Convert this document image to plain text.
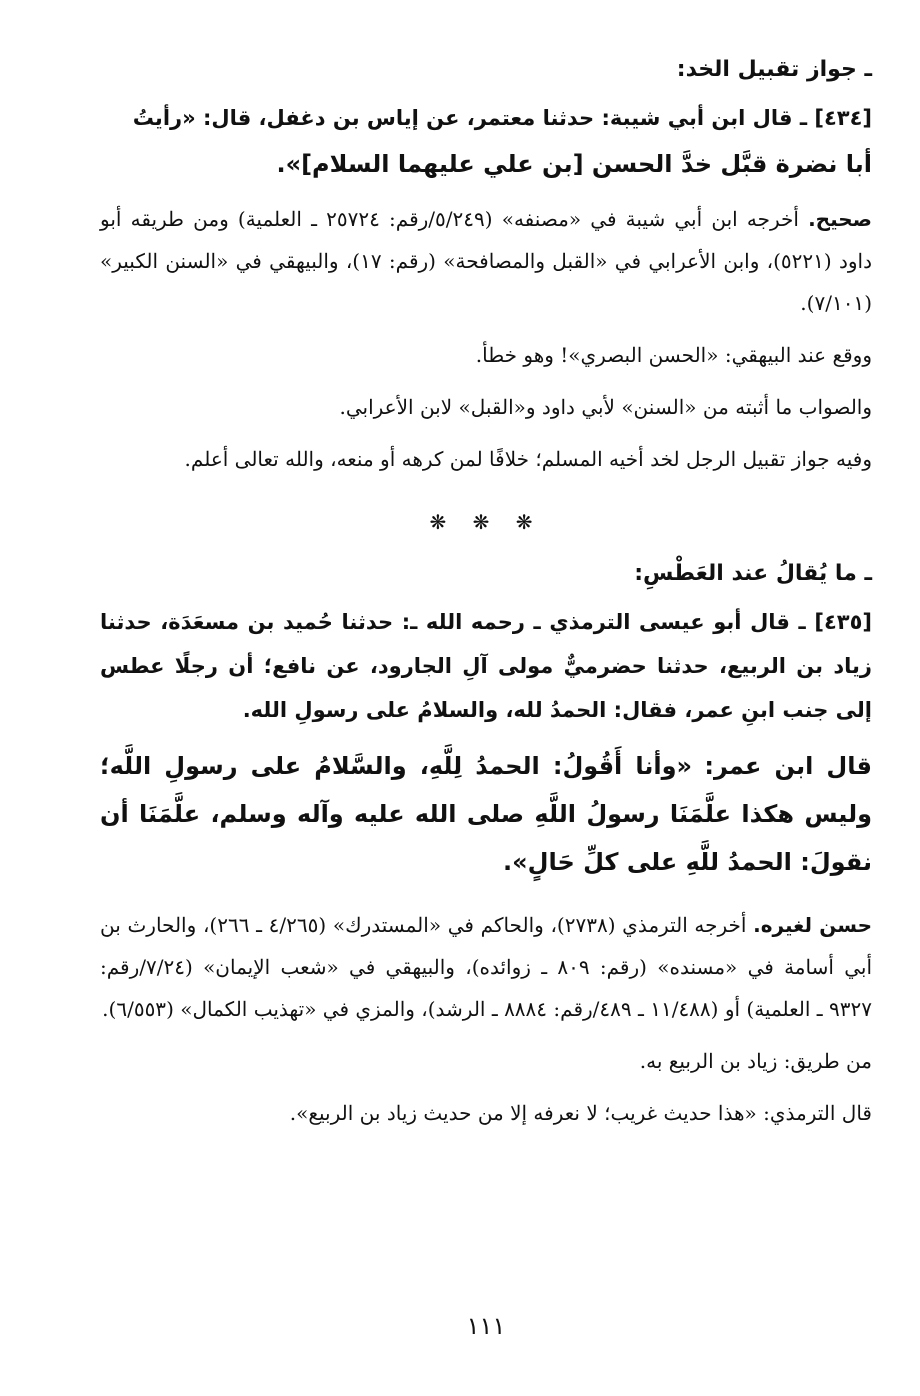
ـ جواز تقبيل الخد:

[٤٣٤] ـ قال ابن أبي شيبة: حدثنا معتمر، عن إياس بن دغفل، قال: «رأيتُ

أبا نضرة قبَّل خدَّ الحسن [بن علي عليهما السلام]».

صحيح. أخرجه ابن أبي شيبة في «مصنفه» (٥/٢٤٩/رقم: ٢٥٧٢٤ ـ العلمية) ومن طريقه أبو داود (٥٢٢١)، وابن الأعرابي في «القبل والمصافحة» (رقم: ١٧)، والبيهقي في «السنن الكبير» (٧/١٠١).

ووقع عند البيهقي: «الحسن البصري»! وهو خطأ.

والصواب ما أثبته من «السنن» لأبي داود و«القبل» لابن الأعرابي.

وفيه جواز تقبيل الرجل لخد أخيه المسلم؛ خلافًا لمن كرهه أو منعه، والله تعالى أعلم.

❋ ❋ ❋

ـ ما يُقالُ عند العَطْسِ:

[٤٣٥] ـ قال أبو عيسى الترمذي ـ رحمه الله ـ: حدثنا حُميد بن مسعَدَة، حدثنا زياد بن الربيع، حدثنا حضرميٌّ مولى آلِ الجارود، عن نافع؛ أن رجلًا عطس إلى جنب ابنِ عمر، فقال: الحمدُ لله، والسلامُ على رسولِ الله.

قال ابن عمر: «وأنا أَقُولُ: الحمدُ لِلَّهِ، والسَّلامُ على رسولِ اللَّه؛ وليس هكذا علَّمَنَا رسولُ اللَّهِ صلى الله عليه وآله وسلم، علَّمَنَا أن نقولَ: الحمدُ للَّهِ على كلِّ حَالٍ».

حسن لغيره. أخرجه الترمذي (٢٧٣٨)، والحاكم في «المستدرك» (٤/٢٦٥ ـ ٢٦٦)، والحارث بن أبي أسامة في «مسنده» (رقم: ٨٠٩ ـ زوائده)، والبيهقي في «شعب الإيمان» (٧/٢٤/رقم: ٩٣٢٧ ـ العلمية) أو (١١/٤٨٨ ـ ٤٨٩/رقم: ٨٨٨٤ ـ الرشد)، والمزي في «تهذيب الكمال» (٦/٥٥٣).

من طريق: زياد بن الربيع به.

قال الترمذي: «هذا حديث غريب؛ لا نعرفه إلا من حديث زياد بن الربيع».

١١١
